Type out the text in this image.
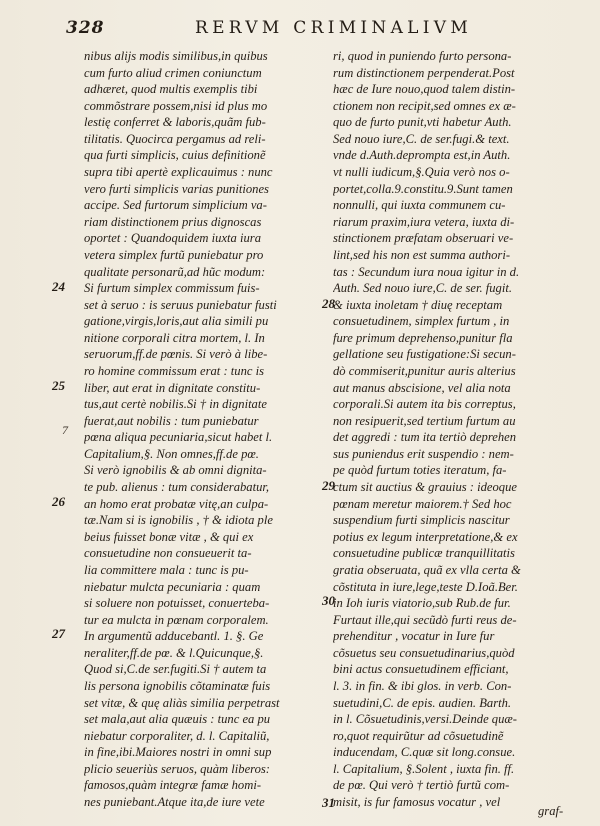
328	RERVM CRIMINALIVM
nibus alijs modis similibus,in quibus
cum furto aliud crimen coniunctum
adhæret, quod multis exemplis tibi
commõstrare possem,nisi id plus mo
lestię conferret & laboris,quãm fub-
tilitatis. Quocirca pergamus ad reli-
qua furti simplicis, cuius definitionẽ
supra tibi apertè explicauimus : nunc
vero furti simplicis varias punitiones
accipe. Sed furtorum simplicium va-
riam distinctionem prius dignoscas
oportet : Quandoquidem iuxta iura
vetera simplex furtũ puniebatur pro
qualitate personarũ,ad hũc modum:
Si furtum simplex commissum fuis-
set à seruo : is seruus puniebatur fusti
gatione,virgis,loris,aut alia simili pu
nitione corporali citra mortem, l. In
seruorum,ff.de pœnis. Si verò à libe-
ro homine commissum erat : tunc is
liber, aut erat in dignitate constitu-
tus,aut certè nobilis.Si † in dignitate
fuerat,aut nobilis : tum puniebatur
pœna aliqua pecuniaria,sicut habet l.
Capitalium,§. Non omnes,ff.de pœ.
Si verò ignobilis & ab omni dignita-
te pub. alienus : tum considerabatur,
an homo erat probatæ vitę,an culpa-
tæ.Nam si is ignobilis , † & idiota ple
beius fuisset bonæ vitæ , & qui ex
consuetudine non consueuerit ta-
lia committere mala : tunc is pu-
niebatur mulcta pecuniaria : quam
si soluere non potuisset, conuerteba-
tur ea mulcta in pœnam corporalem.
In argumentũ adducebantl. 1. §. Ge
neraliter,ff.de pœ. & l.Quicunque,§.
Quod si,C.de ser.fugiti.Si † autem ta
lis persona ignobilis cõtaminatæ fuis
set vitæ, & quę aliàs similia perpetrast
set mala,aut alia quæuis : tunc ea pu
niebatur corporaliter, d. l. Capitaliũ,
in fine,ibi.Maiores nostri in omni sup
plicio seueriùs seruos, quàm liberos:
famosos,quàm integræ famæ homi-
nes puniebant.Atque ita,de iure vete
ri, quod in puniendo furto persona-
rum distinctionem perpenderat.Post
hæc de Iure nouo,quod talem distin-
ctionem non recipit,sed omnes ex æ-
quo de furto punit,vti habetur Auth.
Sed nouo iure,C. de ser.fugi.& text.
vnde d.Auth.deprompta est,in Auth.
vt nulli iudicum,§.Quia verò nos o-
portet,colla.9.constitu.9.Sunt tamen
nonnulli, qui iuxta communem cu-
riarum praxim,iura vetera, iuxta di-
stinctionem præfatam obseruari ve-
lint,sed his non est summa authori-
tas : Secundum iura noua igitur in d.
Auth. Sed nouo iure,C. de ser. fugit.
& iuxta inoletam † diuę receptam
consuetudinem, simplex furtum , in
fure primum deprehenso,punitur fla
gellatione seu fustigatione:Si secun-
dò commiserit,punitur auris alterius
aut manus abscisione, vel alia nota
corporali.Si autem ita bis correptus,
non resipuerit,sed tertium furtum au
det aggredi : tum ita tertiò deprehen
sus puniendus erit suspendio : nem-
pe quòd furtum toties iteratum, fa-
ctum sit auctius & grauius : ideoque
pœnam meretur maiorem.† Sed hoc
suspendium furti simplicis nascitur
potius ex legum interpretatione,& ex
consuetudine publicæ tranquillitatis
gratia obseruata, quã ex vlla certa &
cõstituta in iure,lege,teste D.Ioã.Ber.
in Ioh iuris viatorio,sub Rub.de fur.
Furtaut ille,qui secũdò furti reus de-
prehenditur , vocatur in Iure fur
cõsuetus seu consuetudinarius,quòd
bini actus consuetudinem efficiant,
l. 3. in fin. & ibi glos. in verb. Con-
suetudini,C. de epis. audien. Barth.
in l. Cõsuetudinis,versi.Deinde quæ-
ro,quot requirũtur ad cõsuetudinẽ
inducendam, C.quæ sit long.consue.
l. Capitalium, §.Solent , iuxta fin. ff.
de pœ. Qui verò † tertiò furtũ com-
misit, is fur famosus vocatur , vel
24
25
26
27
28
29
30
31
7
graf-
